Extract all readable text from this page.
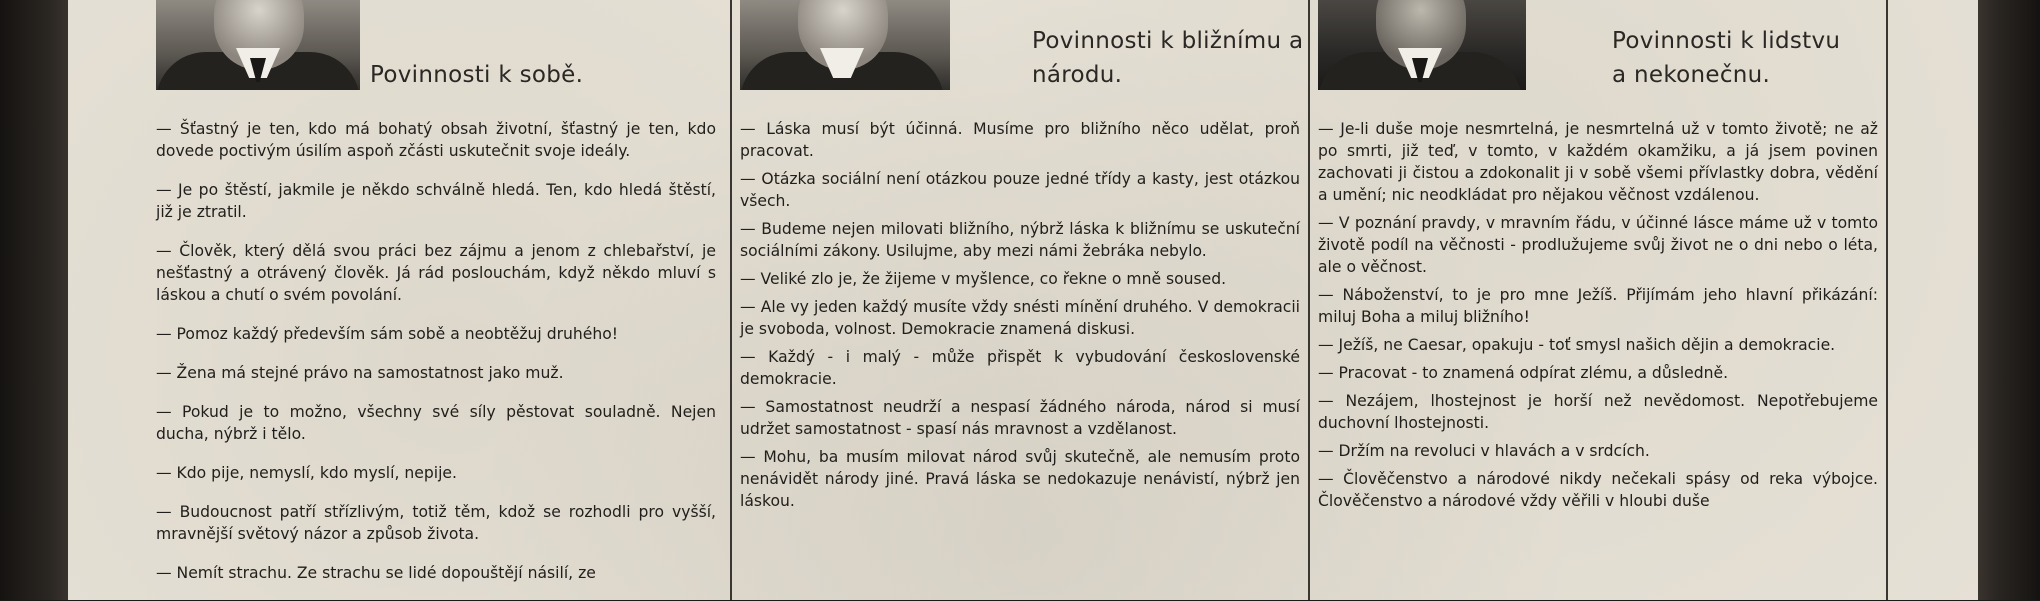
Povinnosti k sobě.

— Šťastný je ten, kdo má bohatý obsah životní, šťastný je ten, kdo dovede poctivým úsilím aspoň zčásti uskutečnit svoje ideály.

— Je po štěstí, jakmile je někdo schválně hledá. Ten, kdo hledá štěstí, již je ztratil.

— Člověk, který dělá svou práci bez zájmu a jenom z chlebařství, je nešťastný a otrávený člověk. Já rád poslouchám, když někdo mluví s láskou a chutí o svém povolání.

— Pomoz každý především sám sobě a neobtěžuj druhého!

— Žena má stejné právo na samostatnost jako muž.

— Pokud je to možno, všechny své síly pěstovat souladně. Nejen ducha, nýbrž i tělo.

— Kdo pije, nemyslí, kdo myslí, nepije.

— Budoucnost patří střízlivým, totiž těm, kdož se rozhodli pro vyšší, mravnější světový názor a způsob života.

— Nemít strachu. Ze strachu se lidé dopouštějí násilí, ze

Povinnosti k bližnímu a národu.

— Láska musí být účinná. Musíme pro bližního něco udělat, proň pracovat.

— Otázka sociální není otázkou pouze jedné třídy a kasty, jest otázkou všech.

— Budeme nejen milovati bližního, nýbrž láska k bližnímu se uskuteční sociálními zákony. Usilujme, aby mezi námi žebráka nebylo.

— Veliké zlo je, že žijeme v myšlence, co řekne o mně soused.

— Ale vy jeden každý musíte vždy snésti mínění druhého. V demokracii je svoboda, volnost. Demokracie znamená diskusi.

— Každý - i malý - může přispět k vybudování československé demokracie.

— Samostatnost neudrží a nespasí žádného národa, národ si musí udržet samostatnost - spasí nás mravnost a vzdělanost.

— Mohu, ba musím milovat národ svůj skutečně, ale nemusím proto nenávidět národy jiné. Pravá láska se nedokazuje nenávistí, nýbrž jen láskou.

Povinnosti k lidstvu a nekonečnu.

— Je-li duše moje nesmrtelná, je nesmrtelná už v tomto životě; ne až po smrti, již teď, v tomto, v každém okamžiku, a já jsem povinen zachovati ji čistou a zdokonalit ji v sobě všemi přívlastky dobra, vědění a umění; nic neodkládat pro nějakou věčnost vzdálenou.

— V poznání pravdy, v mravním řádu, v účinné lásce máme už v tomto životě podíl na věčnosti - prodlužujeme svůj život ne o dni nebo o léta, ale o věčnost.

— Náboženství, to je pro mne Ježíš. Přijímám jeho hlavní přikázání: miluj Boha a miluj bližního!

— Ježíš, ne Caesar, opakuju - toť smysl našich dějin a demokracie.

— Pracovat - to znamená odpírat zlému, a důsledně.

— Nezájem, lhostejnost je horší než nevědomost. Nepotřebujeme duchovní lhostejnosti.

— Držím na revoluci v hlavách a v srdcích.

— Člověčenstvo a národové nikdy nečekali spásy od reka výbojce. Člověčenstvo a národové vždy věřili v hloubi duše
